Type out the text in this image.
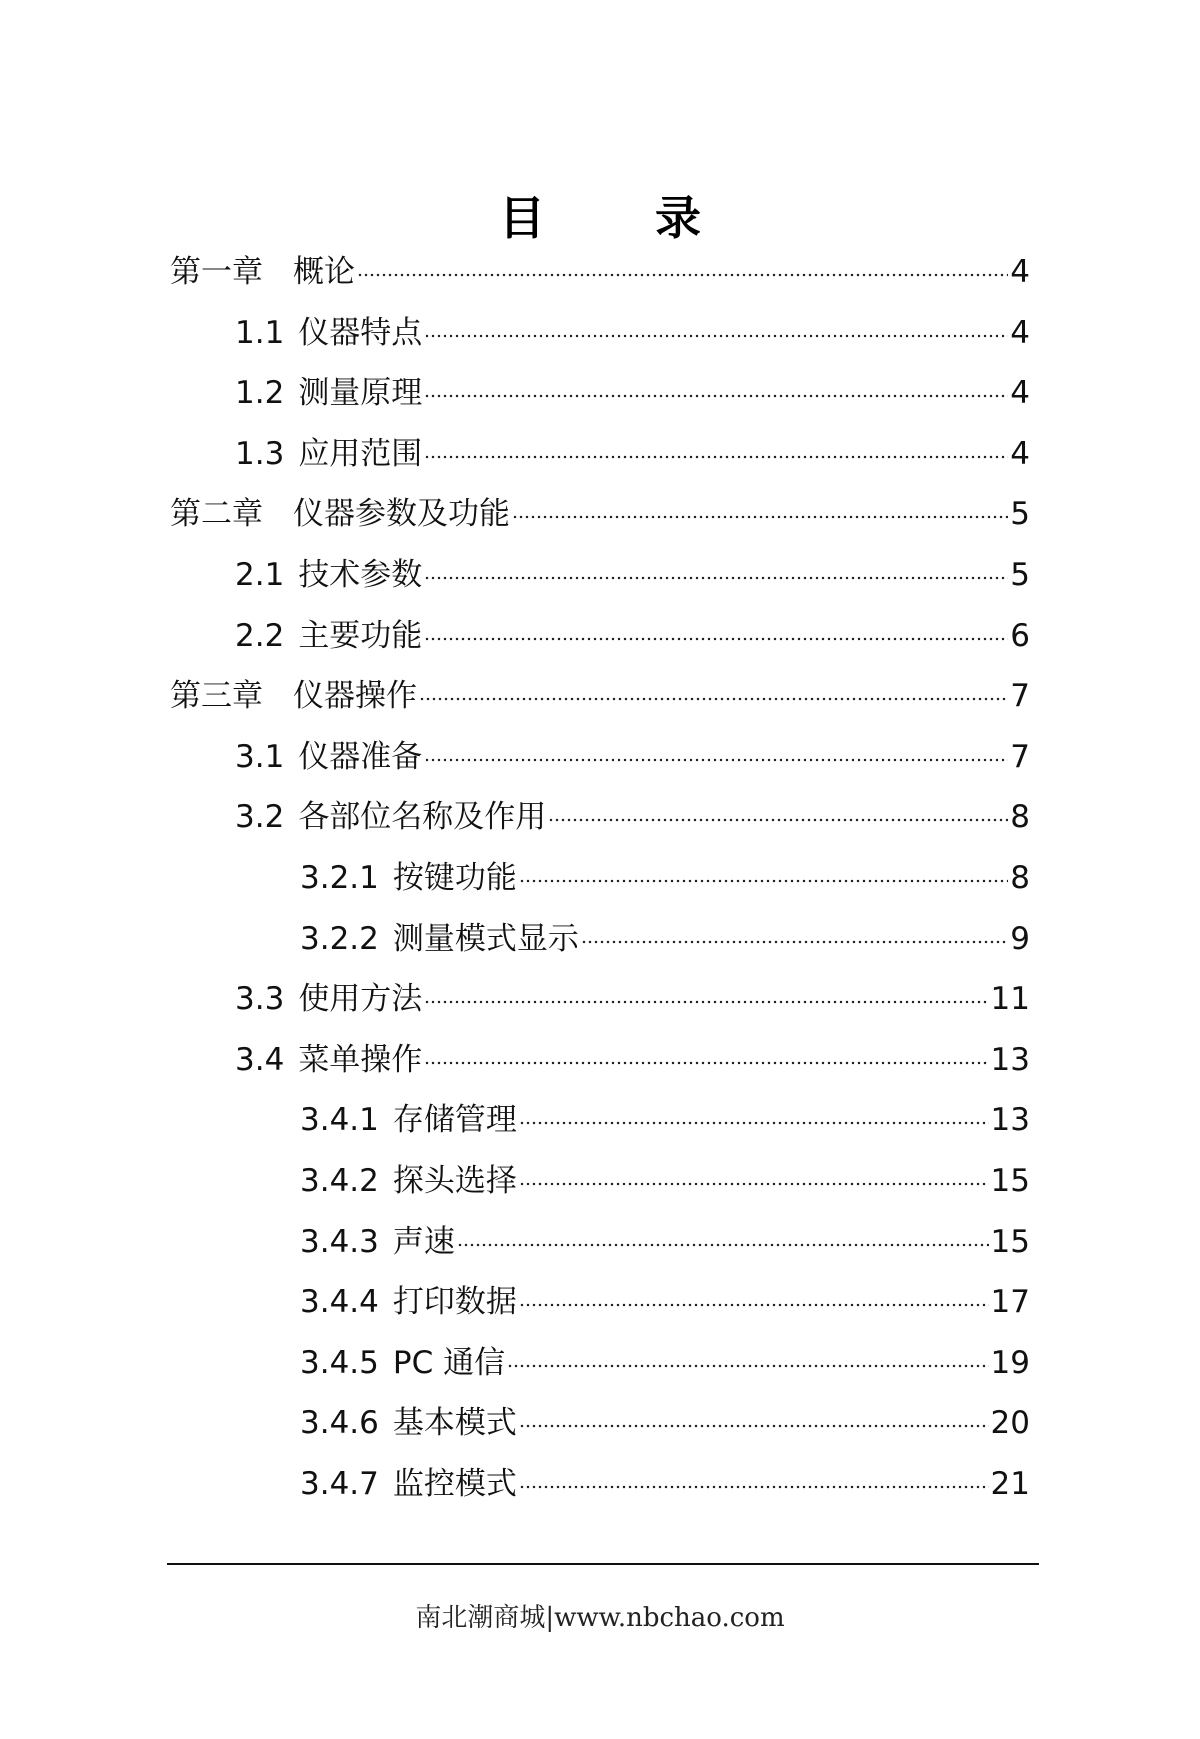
目 录
第一章 概论	4
1.1 仪器特点	4
1.2 测量原理	4
1.3 应用范围	4
第二章 仪器参数及功能	5
2.1 技术参数	5
2.2 主要功能	6
第三章 仪器操作	7
3.1 仪器准备	7
3.2 各部位名称及作用	8
3.2.1 按键功能	8
3.2.2 测量模式显示	9
3.3 使用方法	11
3.4 菜单操作	13
3.4.1 存储管理	13
3.4.2 探头选择	15
3.4.3 声速	15
3.4.4 打印数据	17
3.4.5 PC 通信	19
3.4.6 基本模式	20
3.4.7 监控模式	21
南北潮商城|www.nbchao.com
